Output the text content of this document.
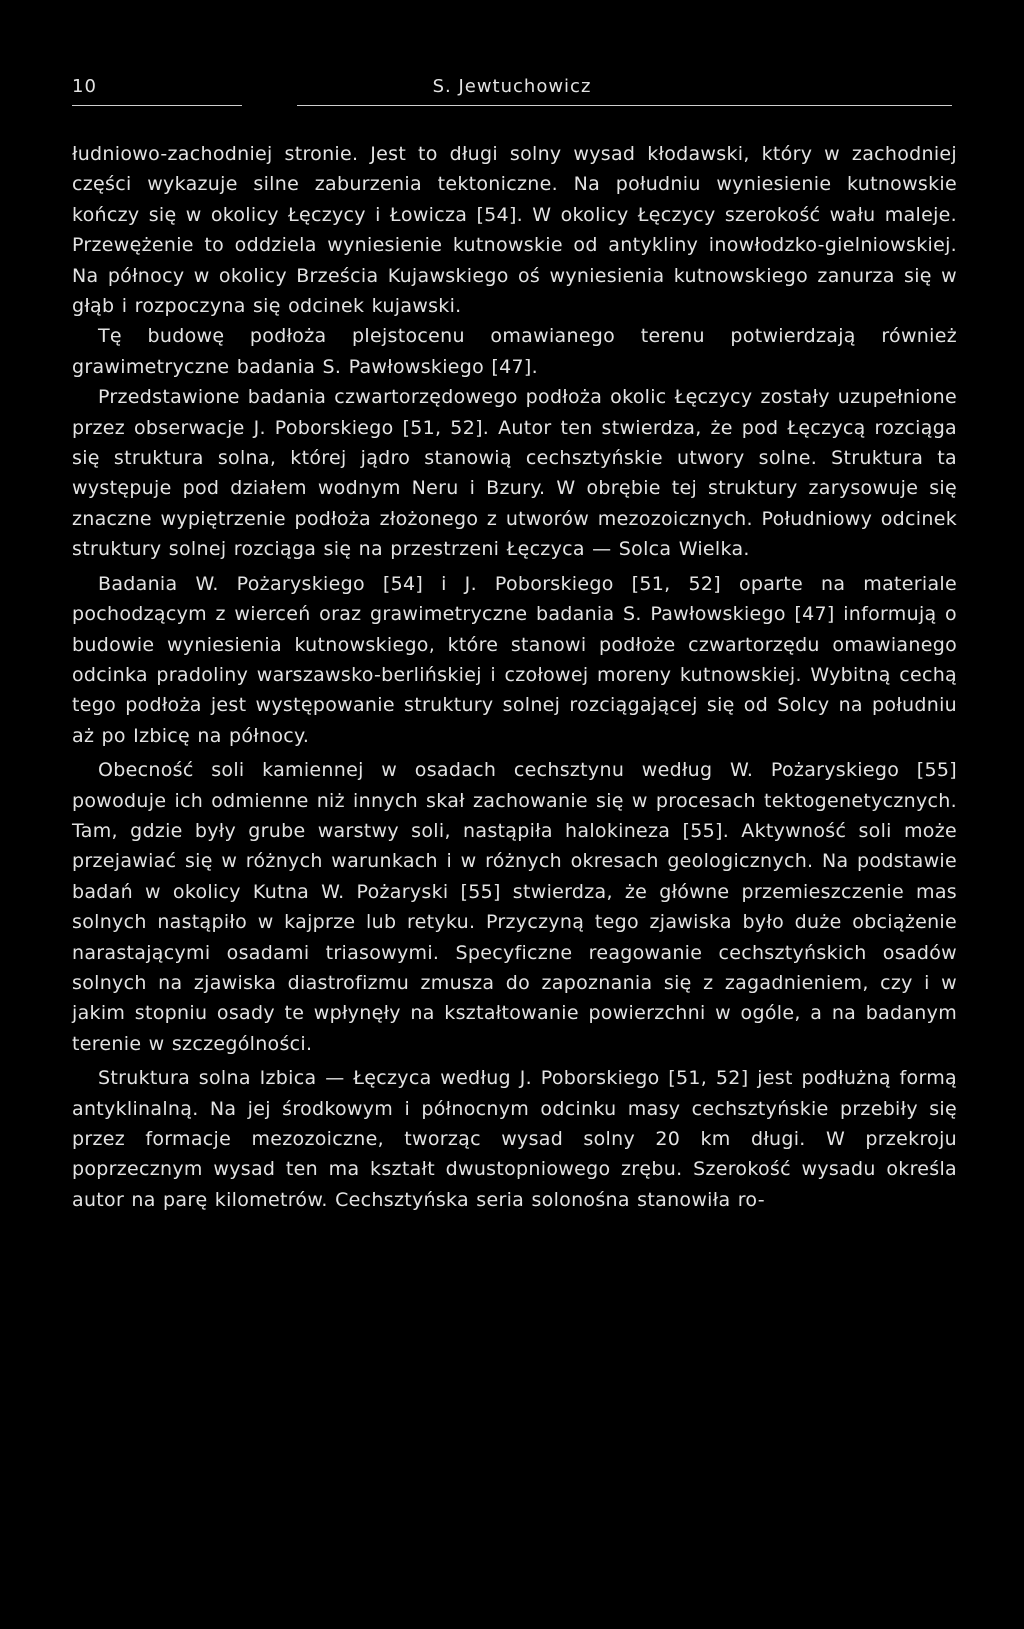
10	S. Jewtuchowicz

łudniowo-zachodniej stronie. Jest to długi solny wysad kłodawski, który w zachodniej części wykazuje silne zaburzenia tektoniczne. Na południu wyniesienie kutnowskie kończy się w okolicy Łęczycy i Łowicza [54]. W okolicy Łęczycy szerokość wału maleje. Przewężenie to oddziela wyniesienie kutnowskie od antykliny inowłodzko-gielniowskiej. Na północy w okolicy Brześcia Kujawskiego oś wyniesienia kutnowskiego zanurza się w głąb i rozpoczyna się odcinek kujawski.

Tę budowę podłoża plejstocenu omawianego terenu potwierdzają również grawimetryczne badania S. Pawłowskiego [47].

Przedstawione badania czwartorzędowego podłoża okolic Łęczycy zostały uzupełnione przez obserwacje J. Poborskiego [51, 52]. Autor ten stwierdza, że pod Łęczycą rozciąga się struktura solna, której jądro stanowią cechsztyńskie utwory solne. Struktura ta występuje pod działem wodnym Neru i Bzury. W obrębie tej struktury zarysowuje się znaczne wypiętrzenie podłoża złożonego z utworów mezozoicznych. Południowy odcinek struktury solnej rozciąga się na przestrzeni Łęczyca — Solca Wielka.

Badania W. Pożaryskiego [54] i J. Poborskiego [51, 52] oparte na materiale pochodzącym z wierceń oraz grawimetryczne badania S. Pawłowskiego [47] informują o budowie wyniesienia kutnowskiego, które stanowi podłoże czwartorzędu omawianego odcinka pradoliny warszawsko-berlińskiej i czołowej moreny kutnowskiej. Wybitną cechą tego podłoża jest występowanie struktury solnej rozciągającej się od Solcy na południu aż po Izbicę na północy.

Obecność soli kamiennej w osadach cechsztynu według W. Pożaryskiego [55] powoduje ich odmienne niż innych skał zachowanie się w procesach tektogenetycznych. Tam, gdzie były grube warstwy soli, nastąpiła halokineza [55]. Aktywność soli może przejawiać się w różnych warunkach i w różnych okresach geologicznych. Na podstawie badań w okolicy Kutna W. Pożaryski [55] stwierdza, że główne przemieszczenie mas solnych nastąpiło w kajprze lub retyku. Przyczyną tego zjawiska było duże obciążenie narastającymi osadami triasowymi. Specyficzne reagowanie cechsztyńskich osadów solnych na zjawiska diastrofizmu zmusza do zapoznania się z zagadnieniem, czy i w jakim stopniu osady te wpłynęły na kształtowanie powierzchni w ogóle, a na badanym terenie w szczególności.

Struktura solna Izbica — Łęczyca według J. Poborskiego [51, 52] jest podłużną formą antyklinalną. Na jej środkowym i północnym odcinku masy cechsztyńskie przebiły się przez formacje mezozoiczne, tworząc wysad solny 20 km długi. W przekroju poprzecznym wysad ten ma kształt dwustopniowego zrębu. Szerokość wysadu określa autor na parę kilometrów. Cechsztyńska seria solonośna stanowiła ro-
